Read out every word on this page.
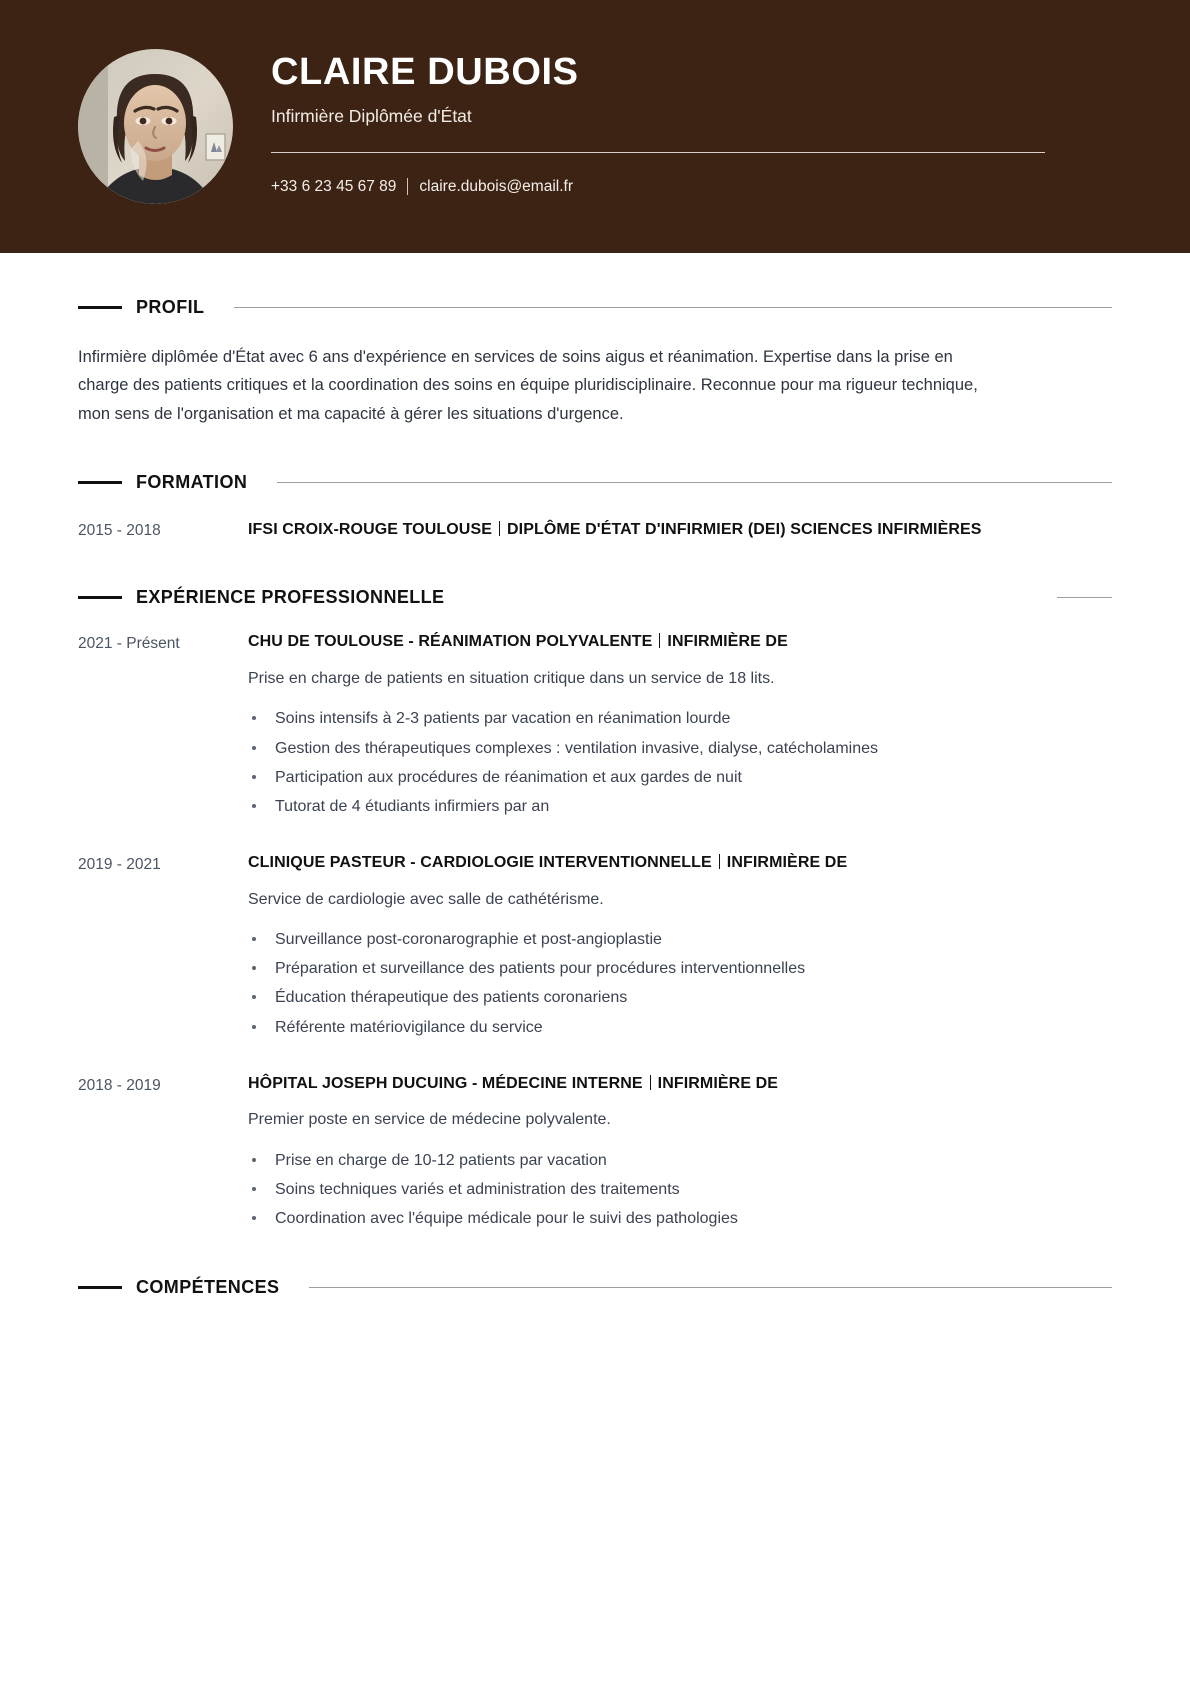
CLAIRE DUBOIS
Infirmière Diplômée d'État
+33 6 23 45 67 89 claire.dubois@email.fr
PROFIL

Infirmière diplômée d'État avec 6 ans d'expérience en services de soins aigus et réanimation. Expertise dans la prise en charge des patients critiques et la coordination des soins en équipe pluridisciplinaire. Reconnue pour ma rigueur technique, mon sens de l'organisation et ma capacité à gérer les situations d'urgence.

FORMATION
2015 - 2018	IFSI CROIX-ROUGE TOULOUSE DIPLÔME D'ÉTAT D'INFIRMIER (DEI) SCIENCES INFIRMIÈRES
EXPÉRIENCE PROFESSIONNELLE
2021 - Présent	CHU DE TOULOUSE - RÉANIMATION POLYVALENTE INFIRMIÈRE DE
Prise en charge de patients en situation critique dans un service de 18 lits.
Soins intensifs à 2-3 patients par vacation en réanimation lourde
Gestion des thérapeutiques complexes : ventilation invasive, dialyse, catécholamines
Participation aux procédures de réanimation et aux gardes de nuit
Tutorat de 4 étudiants infirmiers par an
2019 - 2021	CLINIQUE PASTEUR - CARDIOLOGIE INTERVENTIONNELLE INFIRMIÈRE DE
Service de cardiologie avec salle de cathétérisme.
Surveillance post-coronarographie et post-angioplastie
Préparation et surveillance des patients pour procédures interventionnelles
Éducation thérapeutique des patients coronariens
Référente matériovigilance du service
2018 - 2019	HÔPITAL JOSEPH DUCUING - MÉDECINE INTERNE INFIRMIÈRE DE
Premier poste en service de médecine polyvalente.
Prise en charge de 10-12 patients par vacation
Soins techniques variés et administration des traitements
Coordination avec l'équipe médicale pour le suivi des pathologies
COMPÉTENCES
